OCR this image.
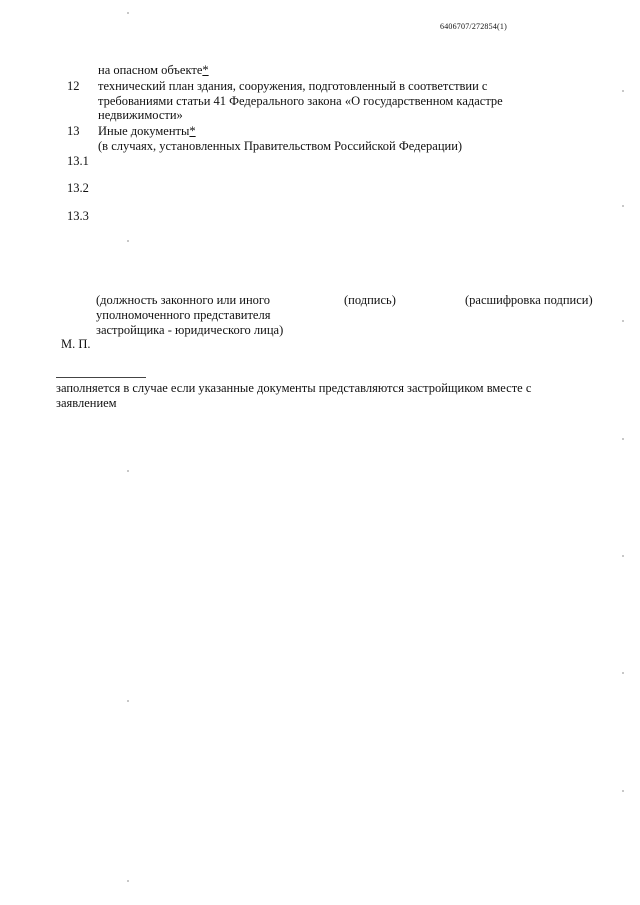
6406707/272854(1)
на опасном объекте*
12 технический план здания, сооружения, подготовленный в соответствии с
требованиями статьи 41 Федерального закона «О государственном кадастре
недвижимости»
13 Иные документы*
(в случаях, установленных Правительством Российской Федерации)
13.1
13.2
13.3
(должность законного или иного
уполномоченного представителя
застройщика - юридического лица)
(подпись)	(расшифровка подписи)
М. П.
заполняется в случае если указанные документы представляются застройщиком вместе с
заявлением
